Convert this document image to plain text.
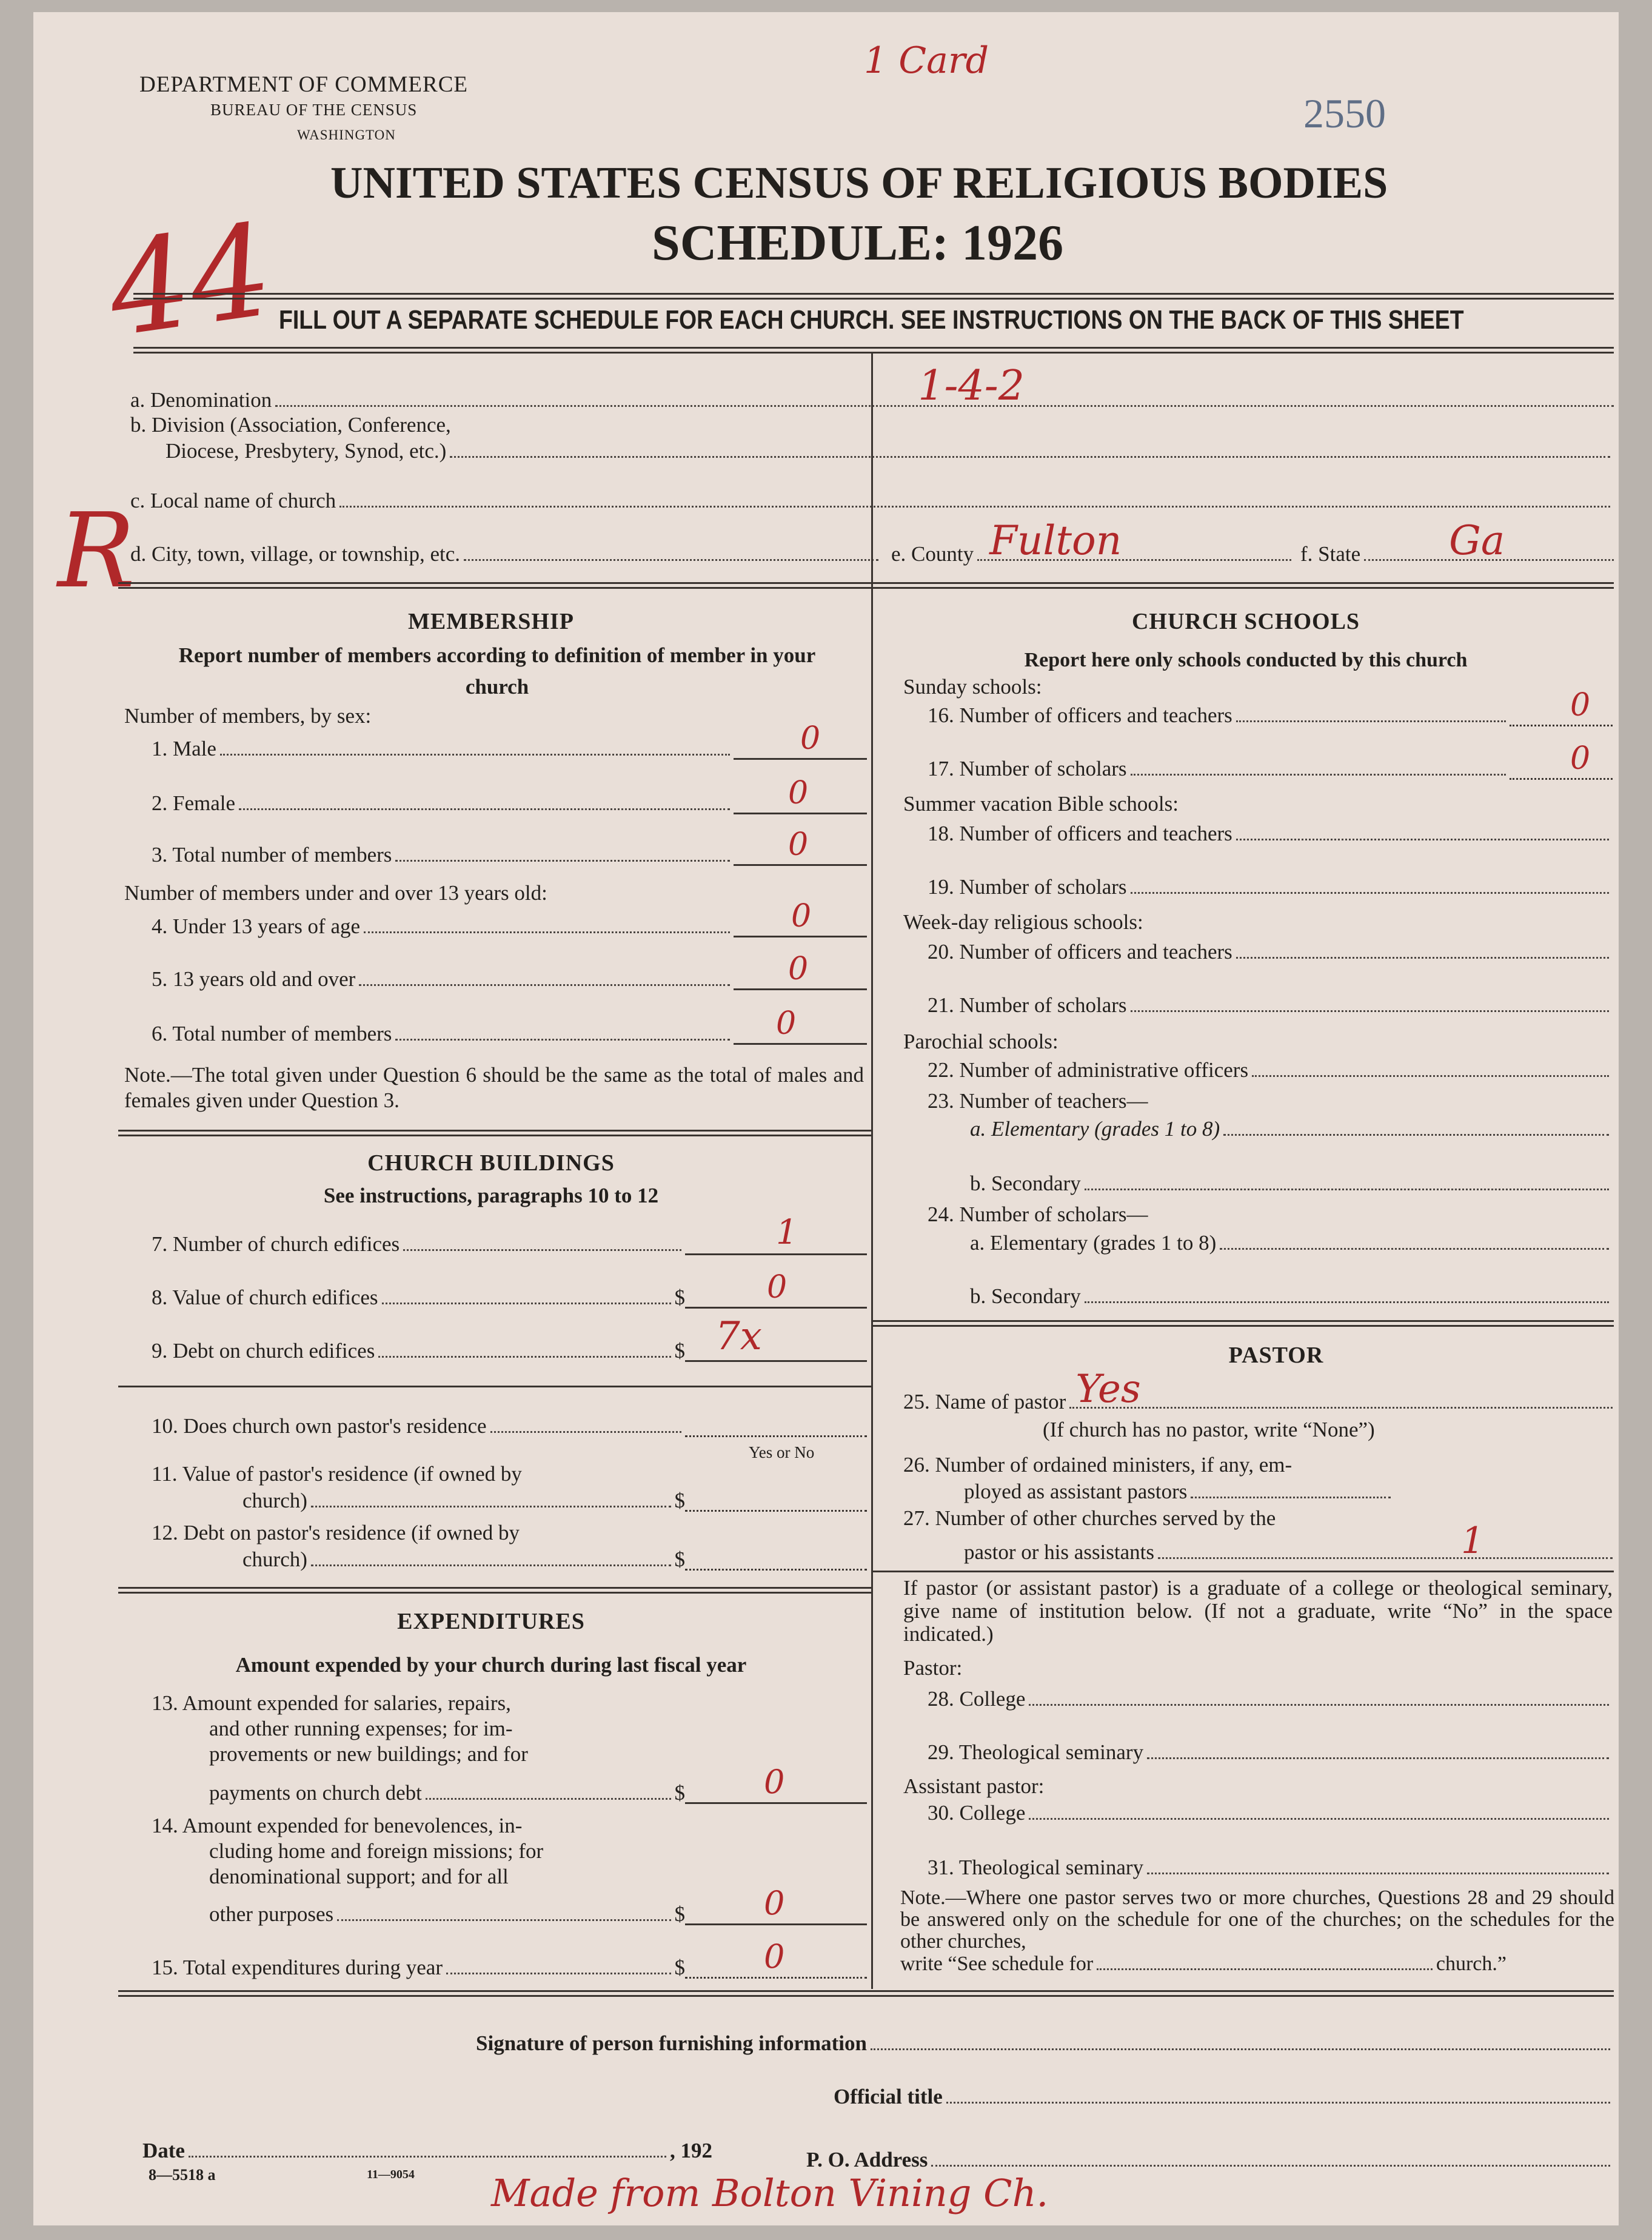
DEPARTMENT OF COMMERCE
BUREAU OF THE CENSUS
WASHINGTON	2550
1 Card
UNITED STATES CENSUS OF RELIGIOUS BODIES
SCHEDULE: 1926
44
FILL OUT A SEPARATE SCHEDULE FOR EACH CHURCH. SEE INSTRUCTIONS ON THE BACK OF THIS SHEET
a. Denomination	1-4-2
b. Division (Association, Conference,
Diocese, Presbytery, Synod, etc.)
c. Local name of church
d. City, town, village, or township, etc.
R	e. County Fulton	f. State Ga
MEMBERSHIP
Report number of members according to definition of member in your church
Number of members, by sex:
1. Male	0
2. Female	0
3. Total number of members	0
Number of members under and over 13 years old:
4. Under 13 years of age	0
5. 13 years old and over	0
6. Total number of members	0
Note.—The total given under Question 6 should be the same as the total of males and females given under Question 3.
CHURCH BUILDINGS
See instructions, paragraphs 10 to 12
7. Number of church edifices	1
8. Value of church edifices	$	0
9. Debt on church edifices	$ 7x
10. Does church own pastor's residence
Yes or No
11. Value of pastor's residence (if owned by
church)	$
12. Debt on pastor's residence (if owned by
church)	$
EXPENDITURES
Amount expended by your church during last fiscal year
13. Amount expended for salaries, repairs,
and other running expenses; for im-
provements or new buildings; and for
payments on church debt	$ 0
14. Amount expended for benevolences, in-
cluding home and foreign missions; for
denominational support; and for all
other purposes	$ 0
15. Total expenditures during year	$ 0
CHURCH SCHOOLS
Report here only schools conducted by this church
Sunday schools:
16. Number of officers and teachers	0
17. Number of scholars	0
Summer vacation Bible schools:
18. Number of officers and teachers
19. Number of scholars
Week-day religious schools:
20. Number of officers and teachers
21. Number of scholars
Parochial schools:
22. Number of administrative officers
23. Number of teachers—
a. Elementary (grades 1 to 8)
b. Secondary
24. Number of scholars—
a. Elementary (grades 1 to 8)
b. Secondary
PASTOR
25. Name of pastor Yes
(If church has no pastor, write “None”)
26. Number of ordained ministers, if any, em-
ployed as assistant pastors
27. Number of other churches served by the
pastor or his assistants	1
If pastor (or assistant pastor) is a graduate of a college or theological seminary, give name of institution below. (If not a graduate, write “No” in the space indicated.)
Pastor:
28. College
29. Theological seminary
Assistant pastor:
30. College
31. Theological seminary
Note.—Where one pastor serves two or more churches, Questions 28 and 29 should be answered only on the schedule for one of the churches; on the schedules for the other churches,
write “See schedule for	church.”
Signature of person furnishing information
Official title
Date	, 192	P. O. Address
8—5518 a	11—9054 Made from Bolton Vining Ch.
